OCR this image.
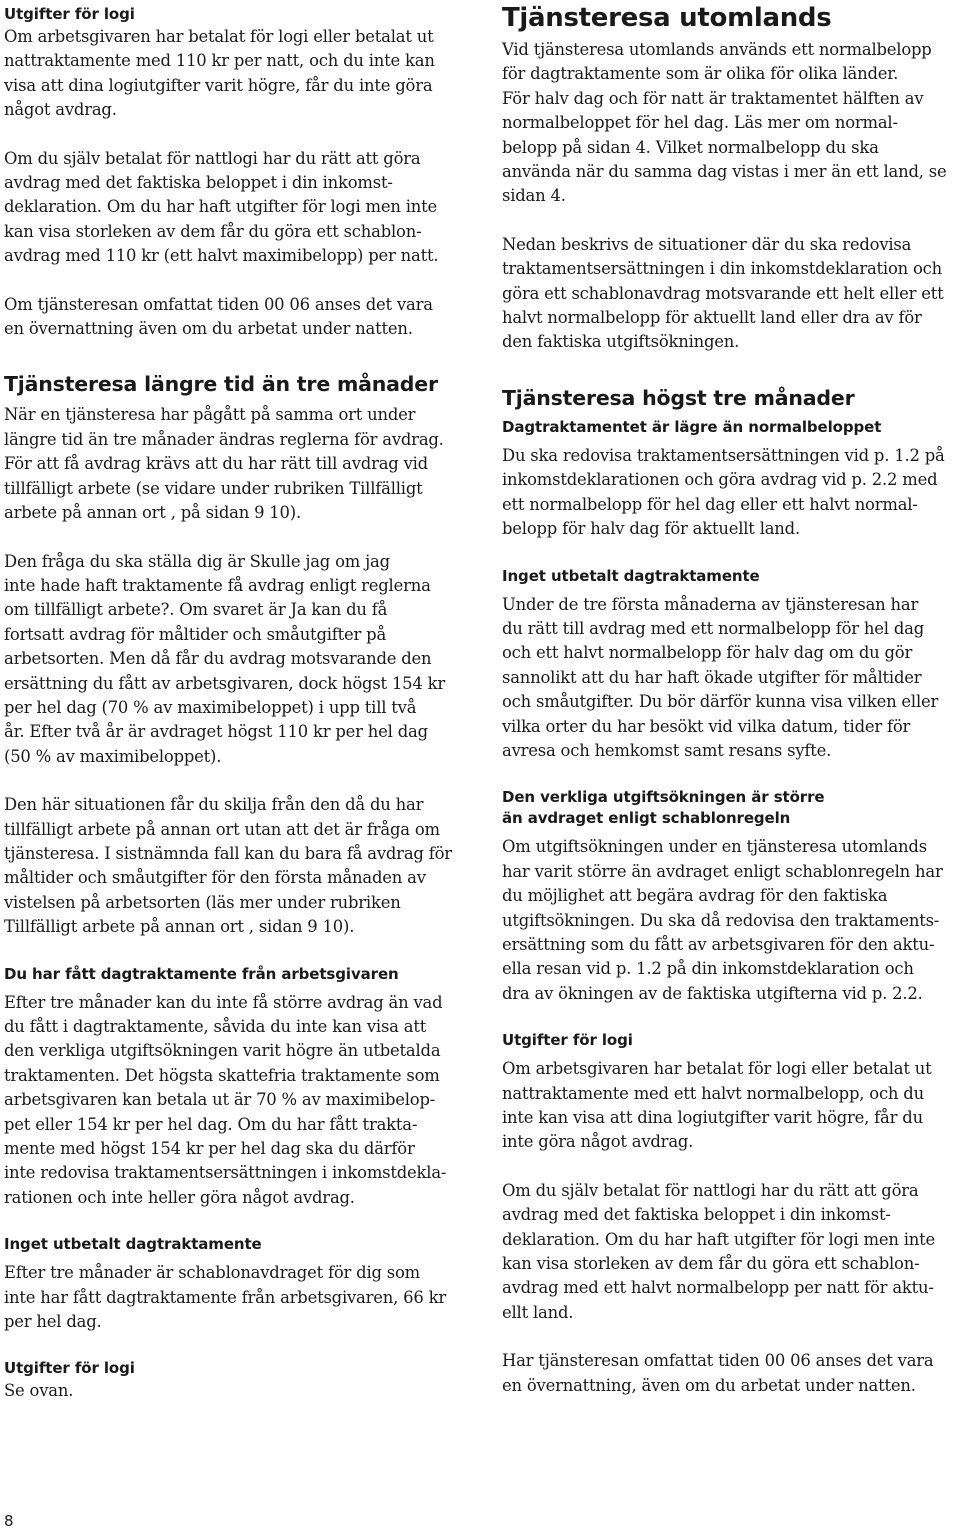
Utgifter för logi

Om arbetsgivaren har betalat för logi eller betalat ut
nattraktamente med 110 kr per natt, och du inte kan
visa att dina logiutgifter varit högre, får du inte göra
något avdrag.

Om du själv betalat för nattlogi har du rätt att göra
avdrag med det faktiska beloppet i din inkomst-
deklaration. Om du har haft utgifter för logi men inte
kan visa storleken av dem får du göra ett schablon-
avdrag med 110 kr (ett halvt maximibelopp) per natt.

Om tjänsteresan omfattat tiden 00 06 anses det vara
en övernattning även om du arbetat under natten.

Tjänsteresa längre tid än tre månader

När en tjänsteresa har pågått på samma ort under
längre tid än tre månader ändras reglerna för avdrag.
För att få avdrag krävs att du har rätt till avdrag vid
tillfälligt arbete (se vidare under rubriken Tillfälligt
arbete på annan ort , på sidan 9 10).

Den fråga du ska ställa dig är Skulle jag om jag
inte hade haft traktamente få avdrag enligt reglerna
om tillfälligt arbete?. Om svaret är Ja kan du få
fortsatt avdrag för måltider och småutgifter på
arbetsorten. Men då får du avdrag motsvarande den
ersättning du fått av arbetsgivaren, dock högst 154 kr
per hel dag (70 % av maximibeloppet) i upp till två
år. Efter två år är avdraget högst 110 kr per hel dag
(50 % av maximibeloppet).

Den här situationen får du skilja från den då du har
tillfälligt arbete på annan ort utan att det är fråga om
tjänsteresa. I sistnämnda fall kan du bara få avdrag för
måltider och småutgifter för den första månaden av
vistelsen på arbetsorten (läs mer under rubriken
Tillfälligt arbete på annan ort , sidan 9 10).

Du har fått dagtraktamente från arbetsgivaren

Efter tre månader kan du inte få större avdrag än vad
du fått i dagtraktamente, såvida du inte kan visa att
den verkliga utgiftsökningen varit högre än utbetalda
traktamenten. Det högsta skattefria traktamente som
arbetsgivaren kan betala ut är 70 % av maximibelop-
pet eller 154 kr per hel dag. Om du har fått trakta-
mente med högst 154 kr per hel dag ska du därför
inte redovisa traktamentsersättningen i inkomstdekla-
rationen och inte heller göra något avdrag.

Inget utbetalt dagtraktamente

Efter tre månader är schablonavdraget för dig som
inte har fått dagtraktamente från arbetsgivaren, 66 kr
per hel dag.

Utgifter för logi

Se ovan.

Tjänsteresa utomlands

Vid tjänsteresa utomlands används ett normalbelopp
för dagtraktamente som är olika för olika länder.
För halv dag och för natt är traktamentet hälften av
normalbeloppet för hel dag. Läs mer om normal-
belopp på sidan 4. Vilket normalbelopp du ska
använda när du samma dag vistas i mer än ett land, se
sidan 4.

Nedan beskrivs de situationer där du ska redovisa
traktamentsersättningen i din inkomstdeklaration och
göra ett schablonavdrag motsvarande ett helt eller ett
halvt normalbelopp för aktuellt land eller dra av för
den faktiska utgiftsökningen.

Tjänsteresa högst tre månader
Dagtraktamentet är lägre än normalbeloppet

Du ska redovisa traktamentsersättningen vid p. 1.2 på
inkomstdeklarationen och göra avdrag vid p. 2.2 med
ett normalbelopp för hel dag eller ett halvt normal-
belopp för halv dag för aktuellt land.

Inget utbetalt dagtraktamente

Under de tre första månaderna av tjänsteresan har
du rätt till avdrag med ett normalbelopp för hel dag
och ett halvt normalbelopp för halv dag om du gör
sannolikt att du har haft ökade utgifter för måltider
och småutgifter. Du bör därför kunna visa vilken eller
vilka orter du har besökt vid vilka datum, tider för
avresa och hemkomst samt resans syfte.

Den verkliga utgiftsökningen är större
än avdraget enligt schablonregeln

Om utgiftsökningen under en tjänsteresa utomlands
har varit större än avdraget enligt schablonregeln har
du möjlighet att begära avdrag för den faktiska
utgiftsökningen. Du ska då redovisa den traktaments-
ersättning som du fått av arbetsgivaren för den aktu-
ella resan vid p. 1.2 på din inkomstdeklaration och
dra av ökningen av de faktiska utgifterna vid p. 2.2.

Utgifter för logi

Om arbetsgivaren har betalat för logi eller betalat ut
nattraktamente med ett halvt normalbelopp, och du
inte kan visa att dina logiutgifter varit högre, får du
inte göra något avdrag.

Om du själv betalat för nattlogi har du rätt att göra
avdrag med det faktiska beloppet i din inkomst-
deklaration. Om du har haft utgifter för logi men inte
kan visa storleken av dem får du göra ett schablon-
avdrag med ett halvt normalbelopp per natt för aktu-
ellt land.

Har tjänsteresan omfattat tiden 00 06 anses det vara
en övernattning, även om du arbetat under natten.

8
